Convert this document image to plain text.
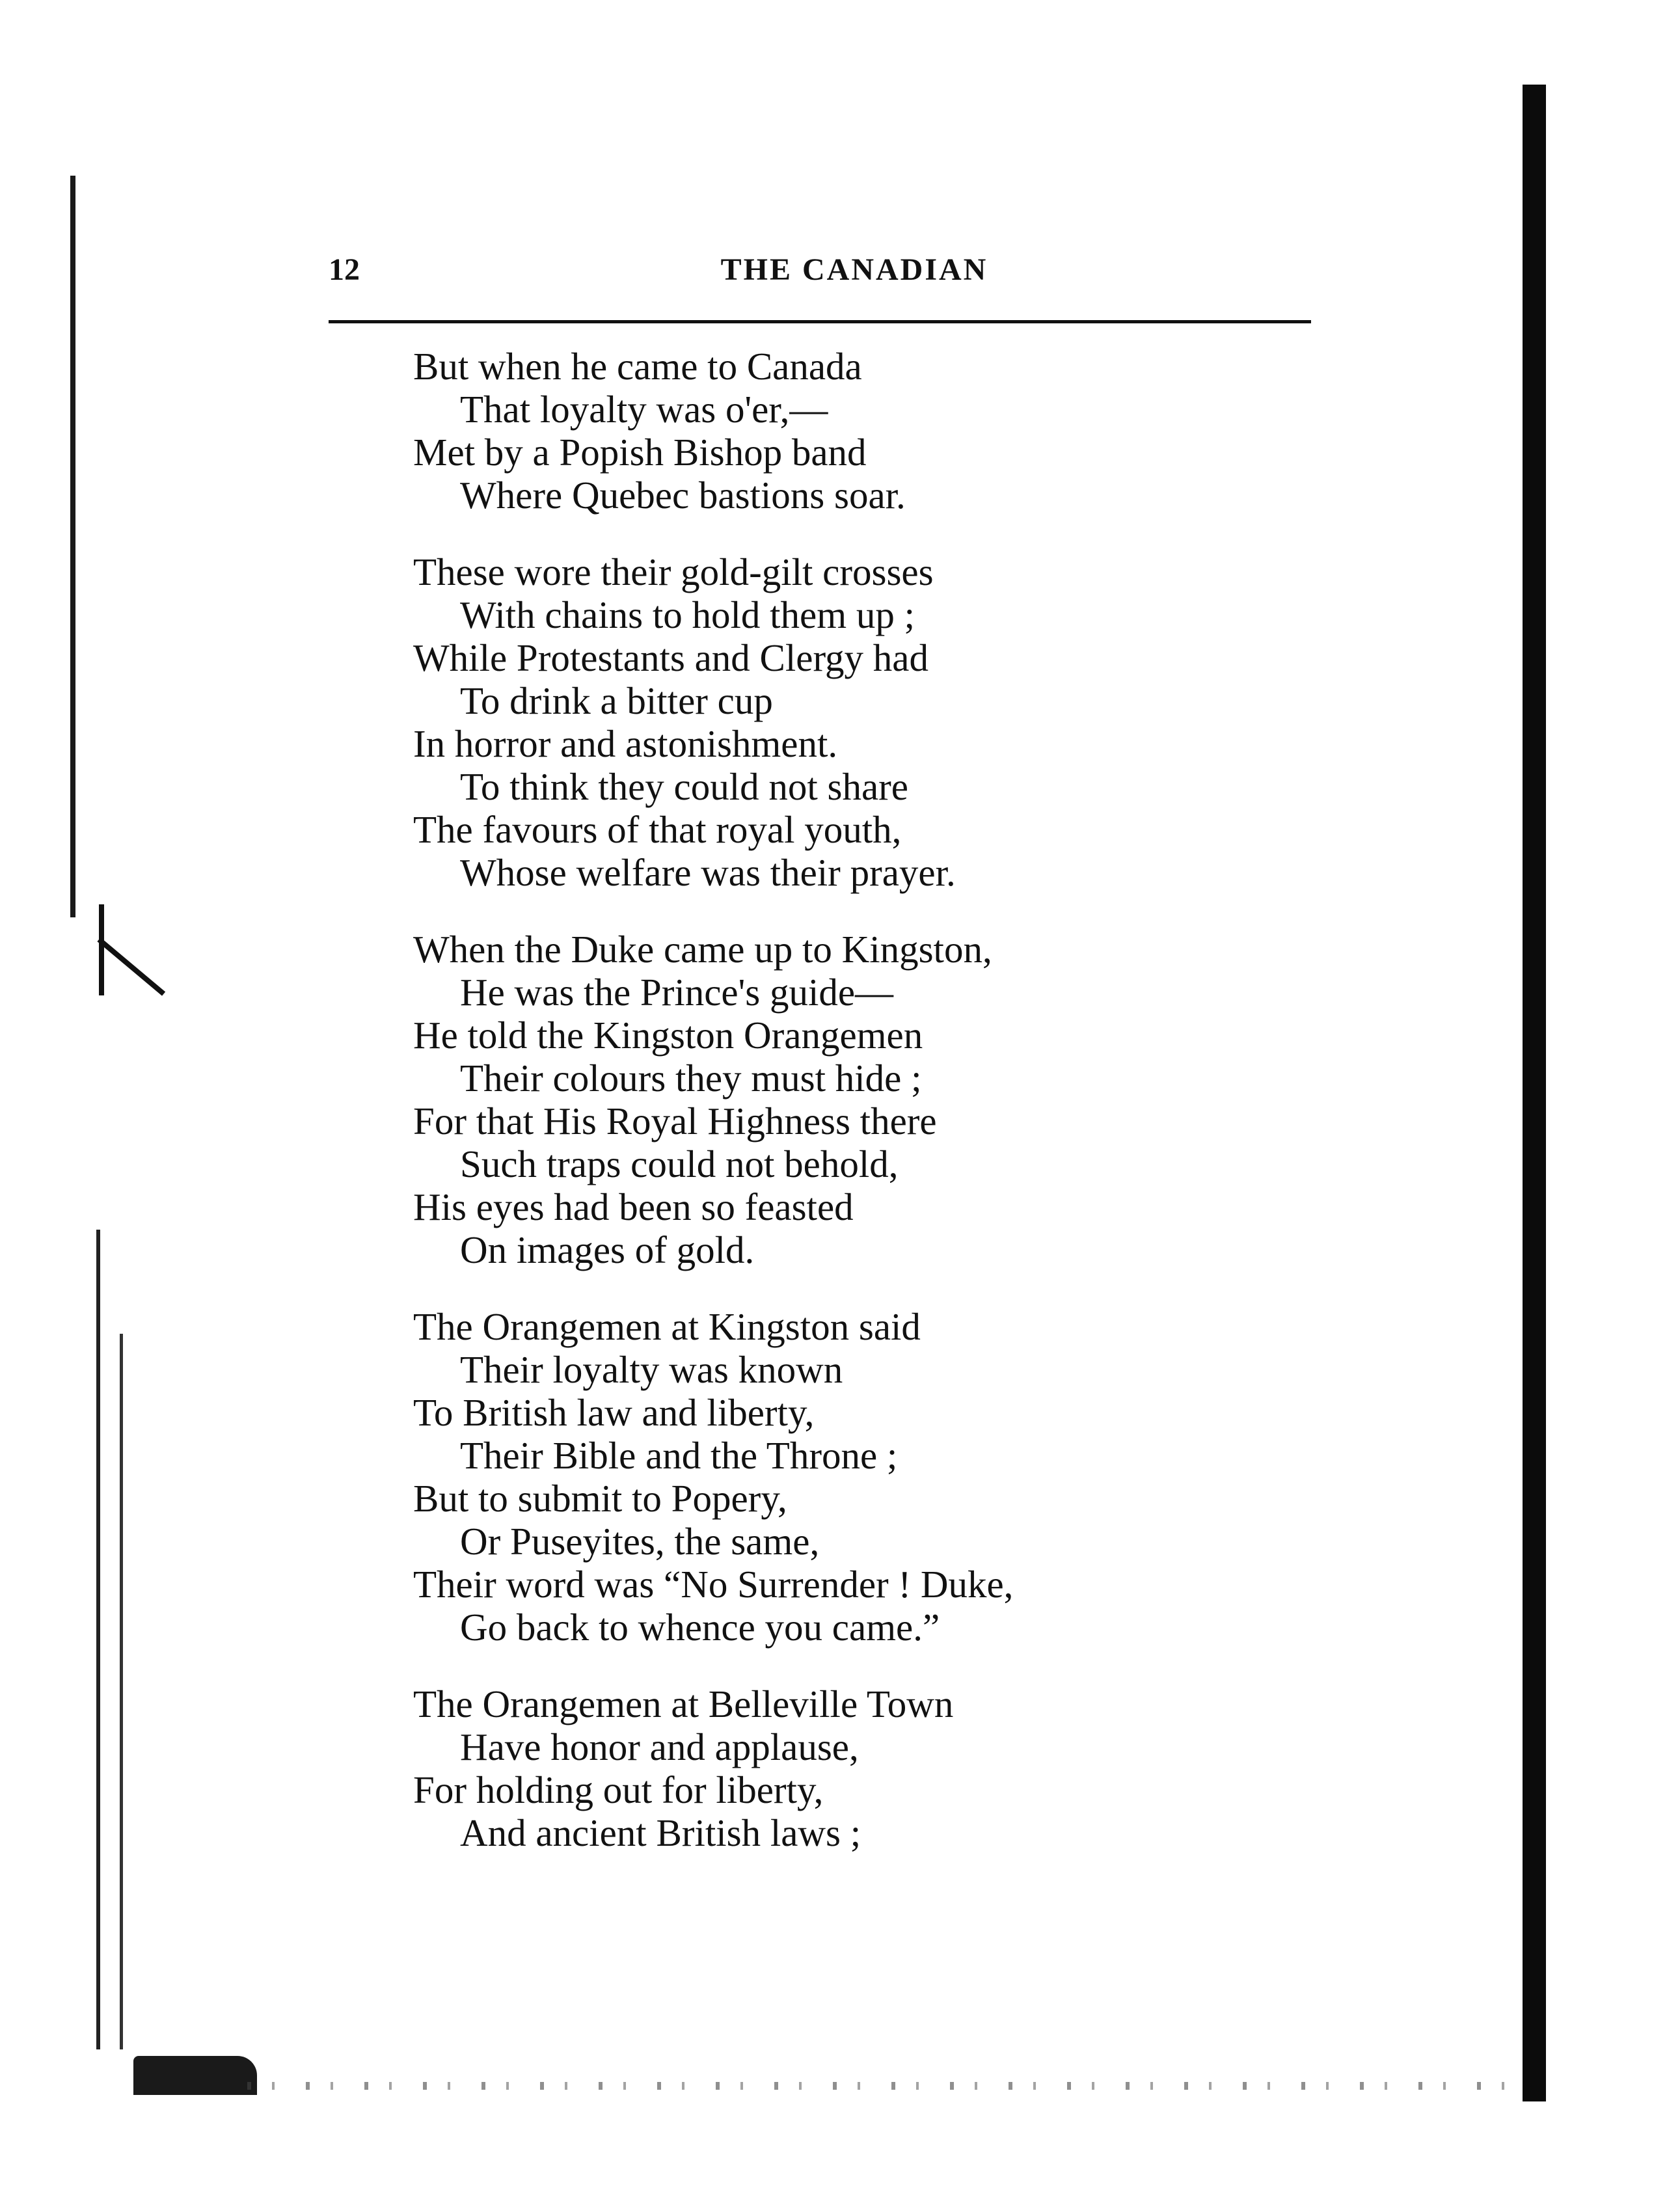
12	THE CANADIAN
But when he came to Canada
That loyalty was o'er,—
Met by a Popish Bishop band
Where Quebec bastions soar.
These wore their gold-gilt crosses
With chains to hold them up ;
While Protestants and Clergy had
To drink a bitter cup
In horror and astonishment.
To think they could not share
The favours of that royal youth,
Whose welfare was their prayer.
When the Duke came up to Kingston,
He was the Prince's guide—
He told the Kingston Orangemen
Their colours they must hide ;
For that His Royal Highness there
Such traps could not behold,
His eyes had been so feasted
On images of gold.
The Orangemen at Kingston said
Their loyalty was known
To British law and liberty,
Their Bible and the Throne ;
But to submit to Popery,
Or Puseyites, the same,
Their word was “No Surrender ! Duke,
Go back to whence you came.”
The Orangemen at Belleville Town
Have honor and applause,
For holding out for liberty,
And ancient British laws ;
